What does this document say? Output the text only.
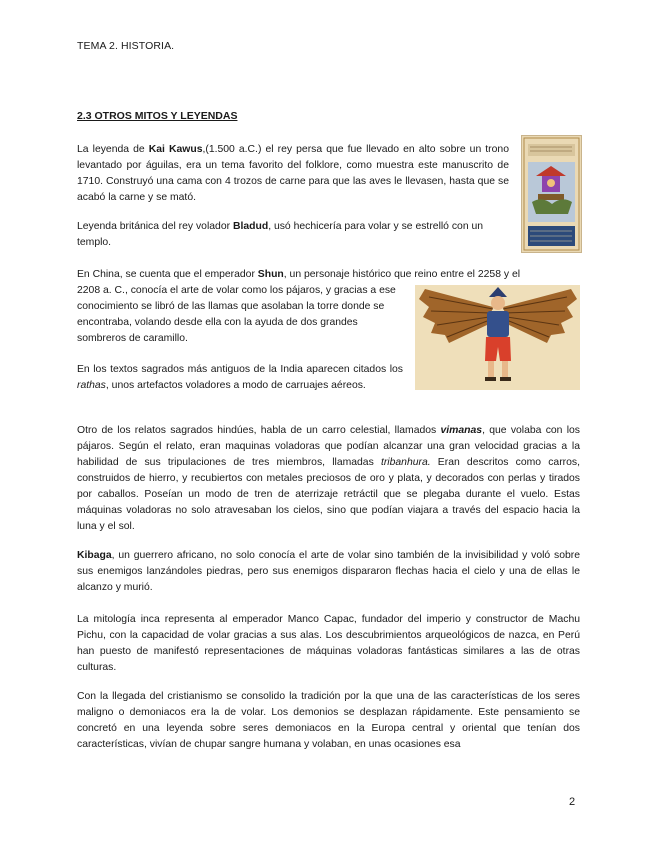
TEMA 2. HISTORIA.
2.3 OTROS MITOS Y LEYENDAS

La leyenda de Kai Kawus,(1.500 a.C.) el rey persa que fue llevado en alto sobre un trono levantado por águilas, era un tema favorito del folklore, como muestra este manuscrito de 1710. Construyó una cama con 4 trozos de carne para que las aves le llevasen, hasta que se acabó la carne y se mató.

Leyenda británica del rey volador Bladud, usó hechicería para volar y se estrelló con un templo.

En China, se cuenta que el emperador Shun, un personaje histórico que reino entre el 2258 y el

2208 a. C., conocía el arte de volar como los pájaros, y gracias a ese conocimiento se libró de las llamas que asolaban la torre donde se encontraba, volando desde ella con la ayuda de dos grandes sombreros de caramillo.

En los textos sagrados más antiguos de la India aparecen citados los rathas, unos artefactos voladores a modo de carruajes aéreos.

Otro de los relatos sagrados hindúes, habla de un carro celestial, llamados vimanas, que volaba con los pájaros. Según el relato, eran maquinas voladoras que podían alcanzar una gran velocidad gracias a la habilidad de sus tripulaciones de tres miembros, llamadas tribanhura. Eran descritos como carros, construidos de hierro, y recubiertos con metales preciosos de oro y plata, y decorados con perlas y tirados por caballos. Poseían un modo de tren de aterrizaje retráctil que se plegaba durante el vuelo. Estas máquinas voladoras no solo atravesaban los cielos, sino que podían viajara a través del espacio hacia la luna y el sol.

Kibaga, un guerrero africano, no solo conocía el arte de volar sino también de la invisibilidad y voló sobre sus enemigos lanzándoles piedras, pero sus enemigos dispararon flechas hacia el cielo y una de ellas le alcanzo y murió.

La mitología inca representa al emperador Manco Capac, fundador del imperio y constructor de Machu Pichu, con la capacidad de volar gracias a sus alas. Los descubrimientos arqueológicos de nazca, en Perú han puesto de manifestó representaciones de máquinas voladoras fantásticas similares a las de otras culturas.

Con la llegada del cristianismo se consolido la tradición por la que una de las características de los seres maligno o demoniacos era la de volar. Los demonios se desplazan rápidamente. Este pensamiento se concretó en una leyenda sobre seres demoniacos en la Europa central y oriental que tenían dos características, vivían de chupar sangre humana y volaban, en unas ocasiones esa

2
